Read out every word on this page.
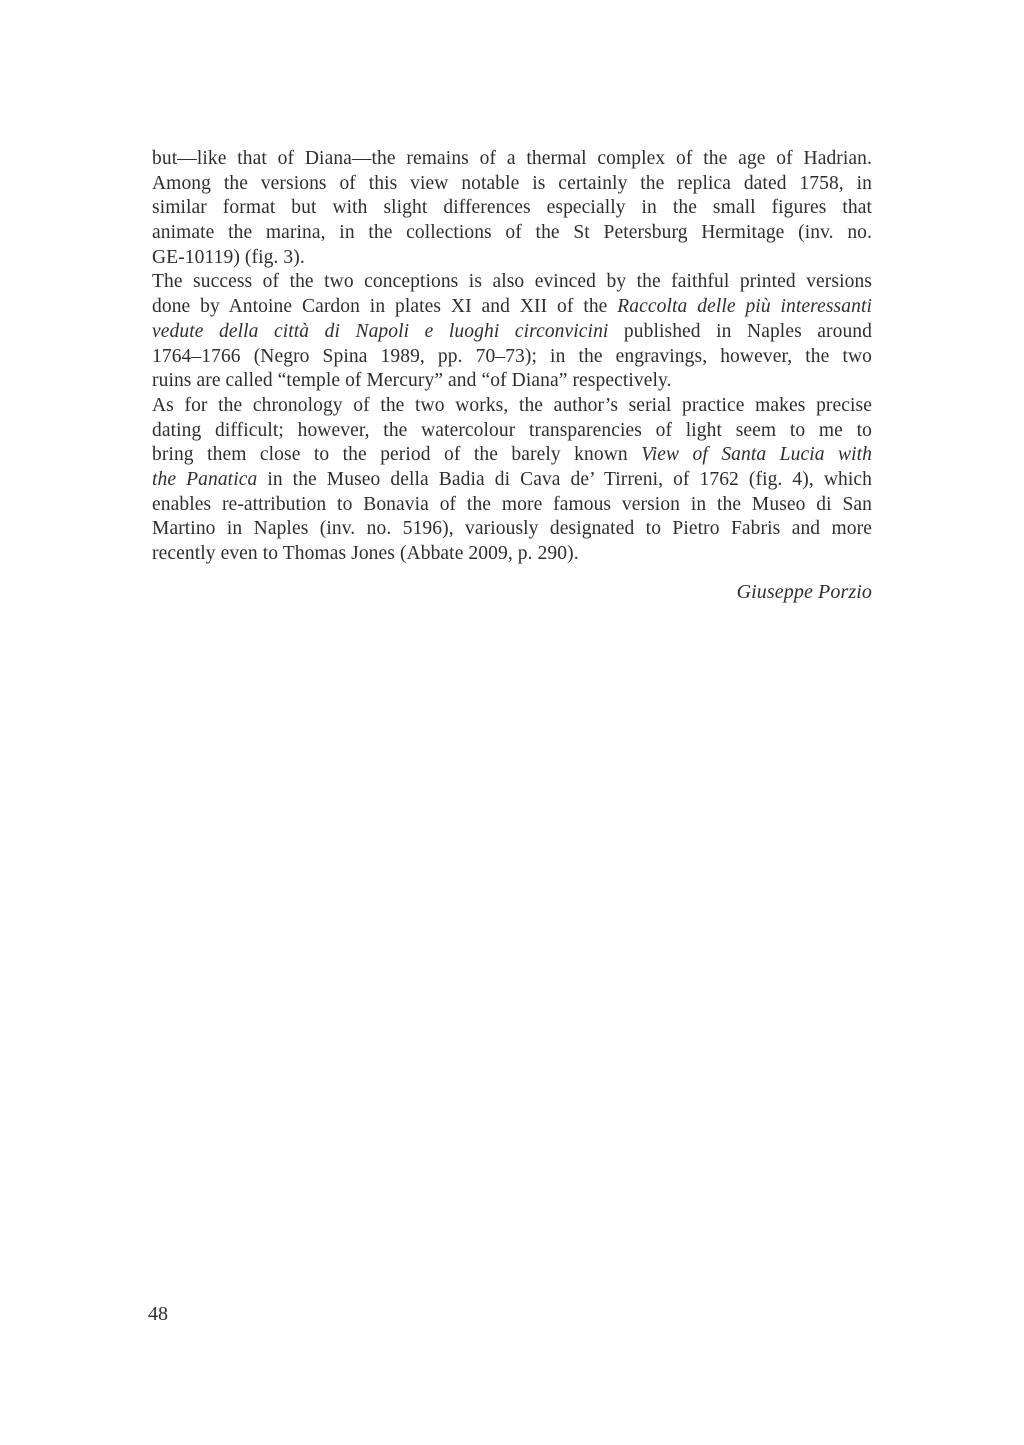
but—like that of Diana—the remains of a thermal complex of the age of Hadrian.
Among the versions of this view notable is certainly the replica dated 1758, in
similar format but with slight differences especially in the small figures that
animate the marina, in the collections of the St Petersburg Hermitage (inv. no.
GE-10119) (fig. 3).
The success of the two conceptions is also evinced by the faithful printed versions
done by Antoine Cardon in plates XI and XII of the Raccolta delle più interessanti
vedute della città di Napoli e luoghi circonvicini published in Naples around
1764–1766 (Negro Spina 1989, pp. 70–73); in the engravings, however, the two
ruins are called “temple of Mercury” and “of Diana” respectively.
As for the chronology of the two works, the author’s serial practice makes precise
dating difficult; however, the watercolour transparencies of light seem to me to
bring them close to the period of the barely known View of Santa Lucia with
the Panatica in the Museo della Badia di Cava de’ Tirreni, of 1762 (fig. 4), which
enables re-attribution to Bonavia of the more famous version in the Museo di San
Martino in Naples (inv. no. 5196), variously designated to Pietro Fabris and more
recently even to Thomas Jones (Abbate 2009, p. 290).
Giuseppe Porzio
48
